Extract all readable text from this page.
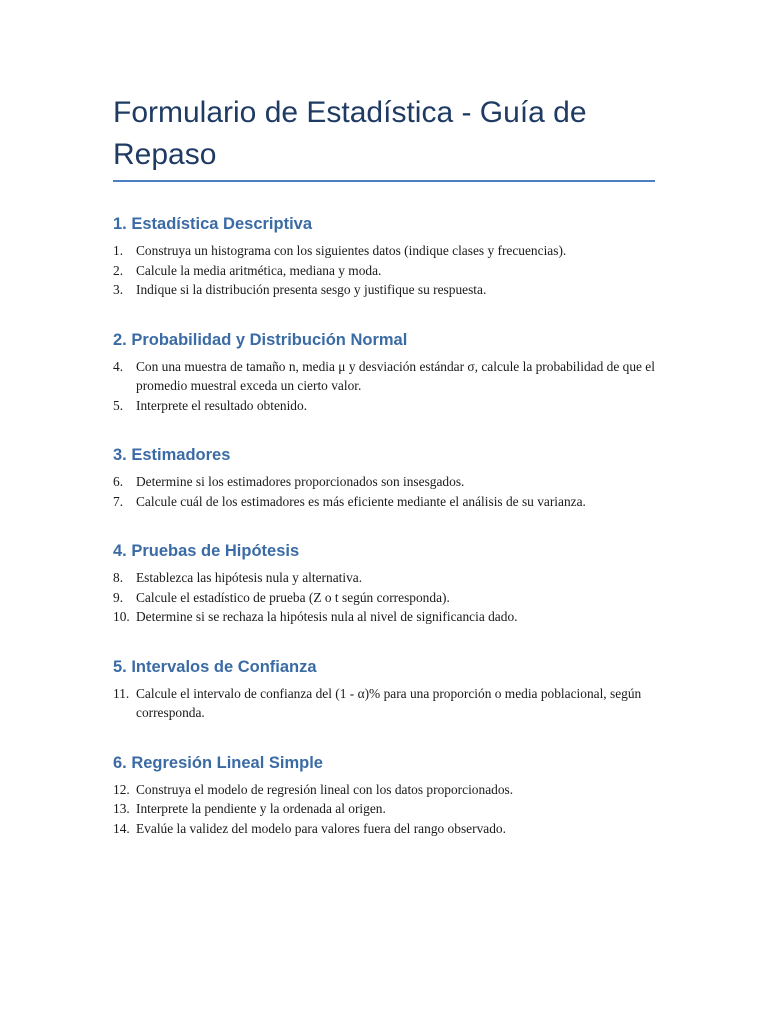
Formulario de Estadística - Guía de Repaso
1. Estadística Descriptiva
1. Construya un histograma con los siguientes datos (indique clases y frecuencias).
2. Calcule la media aritmética, mediana y moda.
3. Indique si la distribución presenta sesgo y justifique su respuesta.
2. Probabilidad y Distribución Normal
4. Con una muestra de tamaño n, media μ y desviación estándar σ, calcule la probabilidad de que el promedio muestral exceda un cierto valor.
5. Interprete el resultado obtenido.
3. Estimadores
6. Determine si los estimadores proporcionados son insesgados.
7. Calcule cuál de los estimadores es más eficiente mediante el análisis de su varianza.
4. Pruebas de Hipótesis
8. Establezca las hipótesis nula y alternativa.
9. Calcule el estadístico de prueba (Z o t según corresponda).
10. Determine si se rechaza la hipótesis nula al nivel de significancia dado.
5. Intervalos de Confianza
11. Calcule el intervalo de confianza del (1 - α)% para una proporción o media poblacional, según corresponda.
6. Regresión Lineal Simple
12. Construya el modelo de regresión lineal con los datos proporcionados.
13. Interprete la pendiente y la ordenada al origen.
14. Evalúe la validez del modelo para valores fuera del rango observado.
